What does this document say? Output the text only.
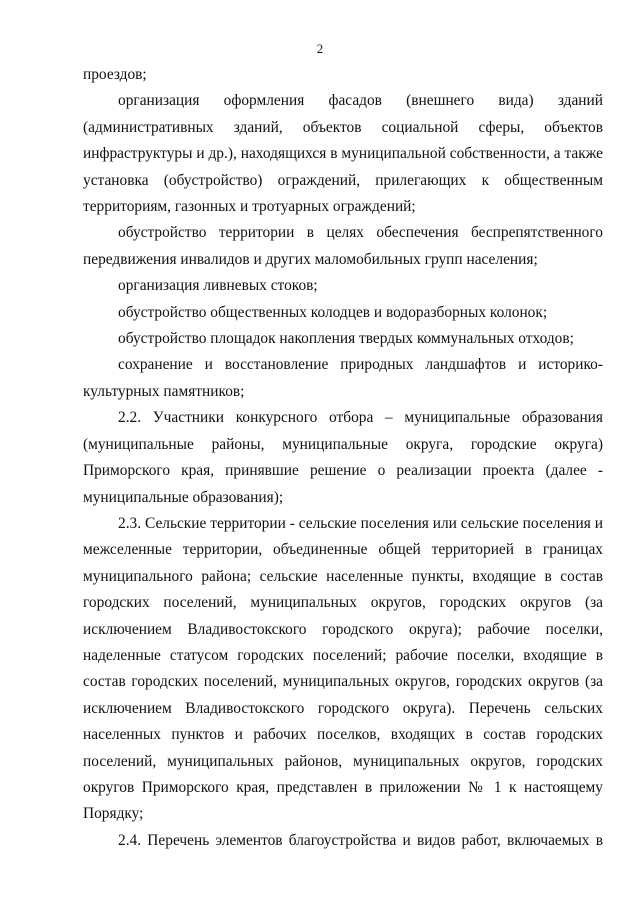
2

проездов;

организация оформления фасадов (внешнего вида) зданий (административных зданий, объектов социальной сферы, объектов инфраструктуры и др.), находящихся в муниципальной собственности, а также установка (обустройство) ограждений, прилегающих к общественным территориям, газонных и тротуарных ограждений;

обустройство территории в целях обеспечения беспрепятственного передвижения инвалидов и других маломобильных групп населения;

организация ливневых стоков;

обустройство общественных колодцев и водоразборных колонок;

обустройство площадок накопления твердых коммунальных отходов;

сохранение и восстановление природных ландшафтов и историко-культурных памятников;

2.2. Участники конкурсного отбора – муниципальные образования (муниципальные районы, муниципальные округа, городские округа) Приморского края, принявшие решение о реализации проекта (далее - муниципальные образования);

2.3. Сельские территории - сельские поселения или сельские поселения и межселенные территории, объединенные общей территорией в границах муниципального района; сельские населенные пункты, входящие в состав городских поселений, муниципальных округов, городских округов (за исключением Владивостокского городского округа); рабочие поселки, наделенные статусом городских поселений; рабочие поселки, входящие в состав городских поселений, муниципальных округов, городских округов (за исключением Владивостокского городского округа). Перечень сельских населенных пунктов и рабочих поселков, входящих в состав городских поселений, муниципальных районов, муниципальных округов, городских округов Приморского края, представлен в приложении № 1 к настоящему Порядку;

2.4. Перечень элементов благоустройства и видов работ, включаемых в
